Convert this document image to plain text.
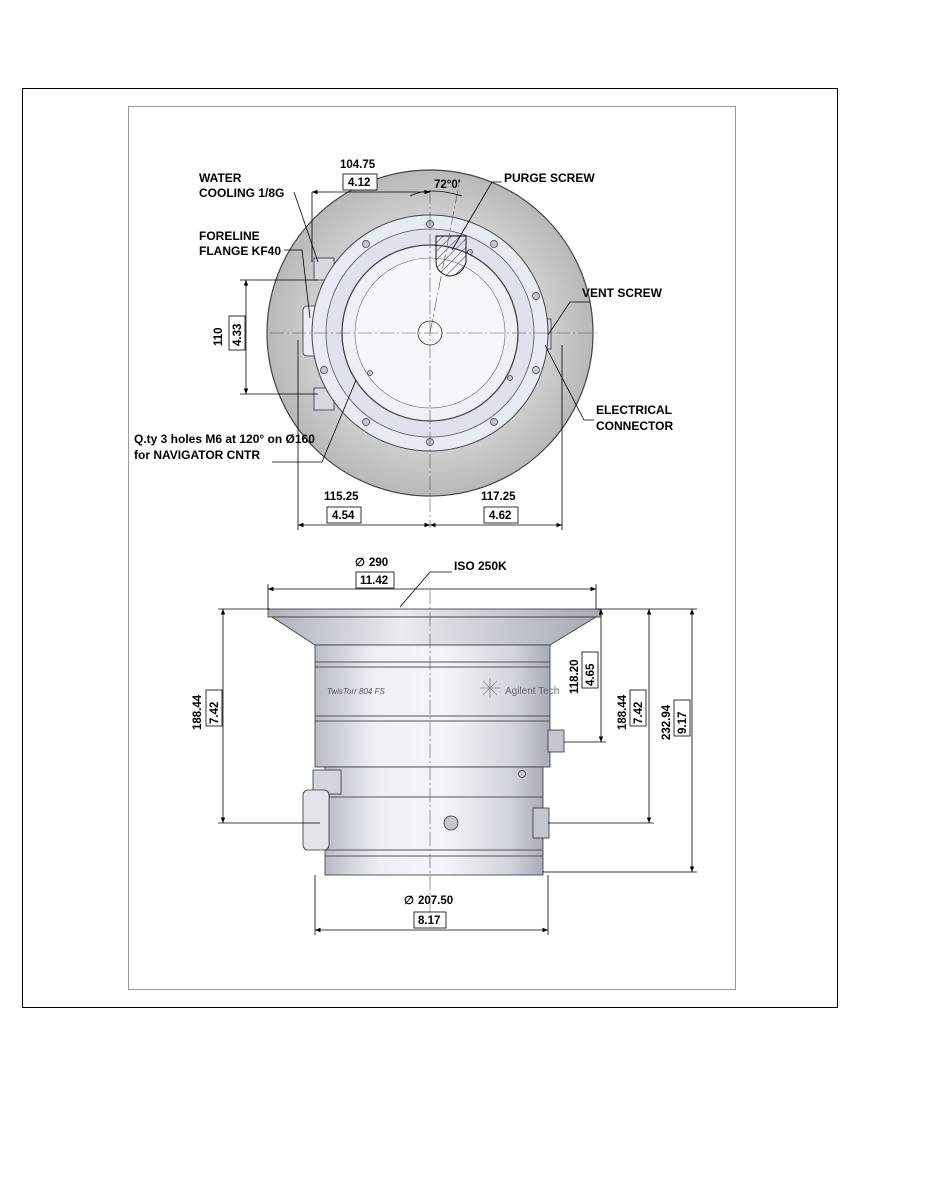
TwisTorr 804 FS	Agilent Tech
104.75
4.12	72°0'
110 4.33
115.25
4.54
117.25
4.62
WATER
COOLING 1/8G
FORELINE
FLANGE KF40
PURGE SCREW
VENT SCREW
ELECTRICAL
CONNECTOR
Q.ty 3 holes M6 at 120° on Ø160
for NAVIGATOR CNTR
∅ 290
11.42
ISO 250K
188.44 7.42
118.20 4.65
188.44 7.42 232.94 9.17
∅ 207.50
8.17
